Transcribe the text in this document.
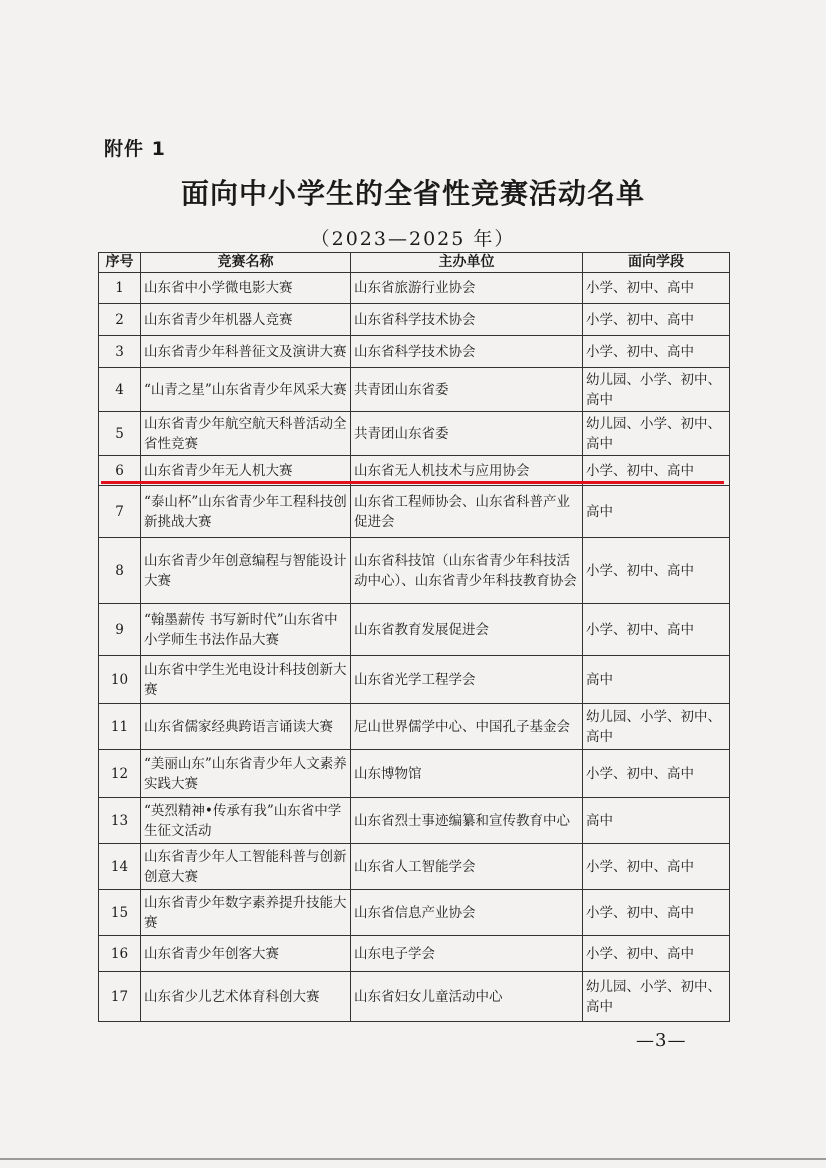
附件 1
面向中小学生的全省性竞赛活动名单
（2023—2025 年）
序号	竞赛名称	主办单位	面向学段
1	山东省中小学微电影大赛	山东省旅游行业协会	小学、初中、高中
2	山东省青少年机器人竞赛	山东省科学技术协会	小学、初中、高中
3	山东省青少年科普征文及演讲大赛	山东省科学技术协会	小学、初中、高中
4	“山青之星”山东省青少年风采大赛	共青团山东省委	幼儿园、小学、初中、高中
5	山东省青少年航空航天科普活动全省性竞赛	共青团山东省委	幼儿园、小学、初中、高中
6	山东省青少年无人机大赛	山东省无人机技术与应用协会	小学、初中、高中
7	“泰山杯”山东省青少年工程科技创新挑战大赛	山东省工程师协会、山东省科普产业促进会	高中
8	山东省青少年创意编程与智能设计大赛	山东省科技馆（山东省青少年科技活动中心）、山东省青少年科技教育协会	小学、初中、高中
9	“翰墨薪传 书写新时代”山东省中小学师生书法作品大赛	山东省教育发展促进会	小学、初中、高中
10	山东省中学生光电设计科技创新大赛	山东省光学工程学会	高中
11	山东省儒家经典跨语言诵读大赛	尼山世界儒学中心、中国孔子基金会	幼儿园、小学、初中、高中
12	“美丽山东”山东省青少年人文素养实践大赛	山东博物馆	小学、初中、高中
13	“英烈精神•传承有我”山东省中学生征文活动	山东省烈士事迹编纂和宣传教育中心	高中
14	山东省青少年人工智能科普与创新创意大赛	山东省人工智能学会	小学、初中、高中
15	山东省青少年数字素养提升技能大赛	山东省信息产业协会	小学、初中、高中
16	山东省青少年创客大赛	山东电子学会	小学、初中、高中
17	山东省少儿艺术体育科创大赛	山东省妇女儿童活动中心	幼儿园、小学、初中、高中
—3—
